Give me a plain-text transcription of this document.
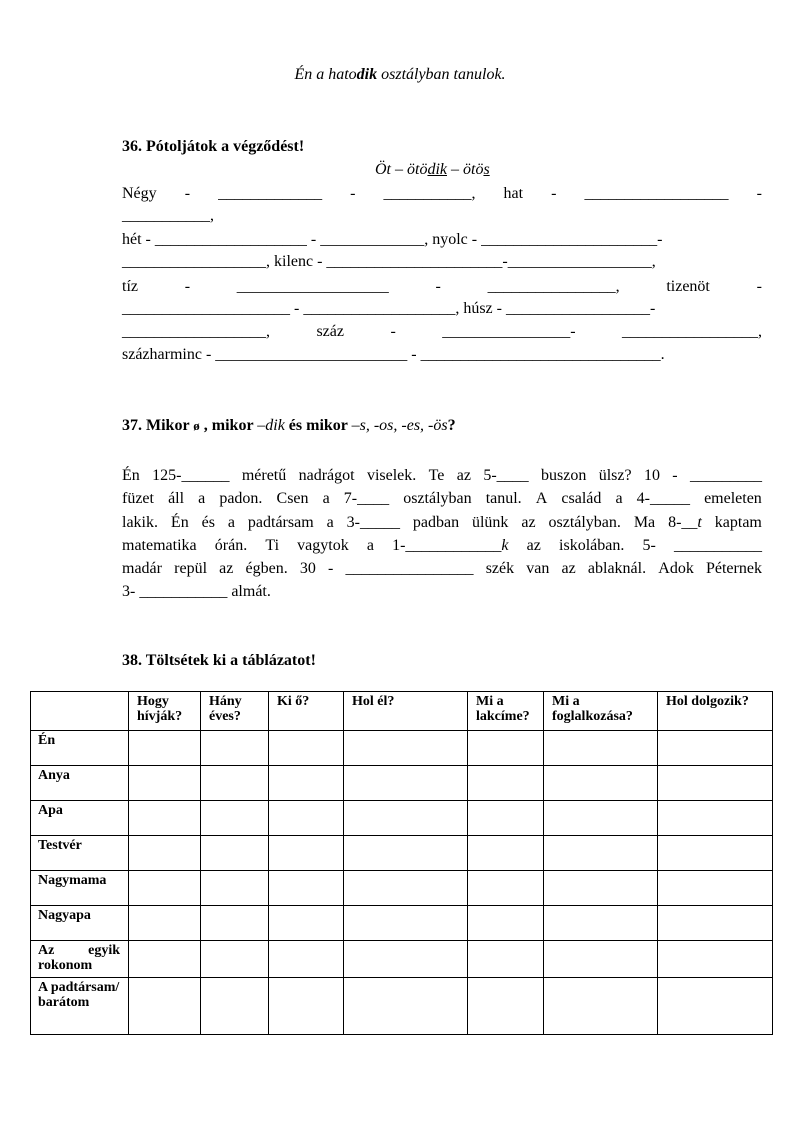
Én a hatodik osztályban tanulok.
36. Pótoljátok a végződést!
Öt – ötödik – ötös
Négy - _____________ - ___________, hat - __________________ -
___________,
hét - ___________________ - _____________, nyolc - ______________________-
__________________, kilenc - ______________________-__________________,
tíz	-	___________________	-	________________,	tizenöt	-
_____________________ - ___________________, húsz - __________________-
__________________,	száz	-	________________-	_________________,
százharminc - ________________________ - ______________________________.
37. Mikor ø , mikor –dik és mikor –s, -os, -es, -ös?
Én 125-______ méretű nadrágot viselek. Te az 5-____ buszon ülsz? 10 - _________
füzet áll a padon. Csen a 7-____ osztályban tanul. A család a 4-_____ emeleten
lakik. Én és a padtársam a 3-_____ padban ülünk az osztályban. Ma 8-__t kaptam
matematika órán. Ti vagytok a 1-____________k az iskolában. 5- ___________
madár repül az égben. 30 - ________________ szék van az ablaknál. Adok Péternek
3- ___________ almát.
38. Töltsétek ki a táblázatot!
	Hogy hívják?	Hány éves?	Ki ő?	Hol él?	Mi a lakcíme?	Mi a foglalkozása?	Hol dolgozik?
Én							
Anya							
Apa							
Testvér							
Nagymama							
Nagyapa							

Az egyik rokonom							

A padtársam/ barátom							
